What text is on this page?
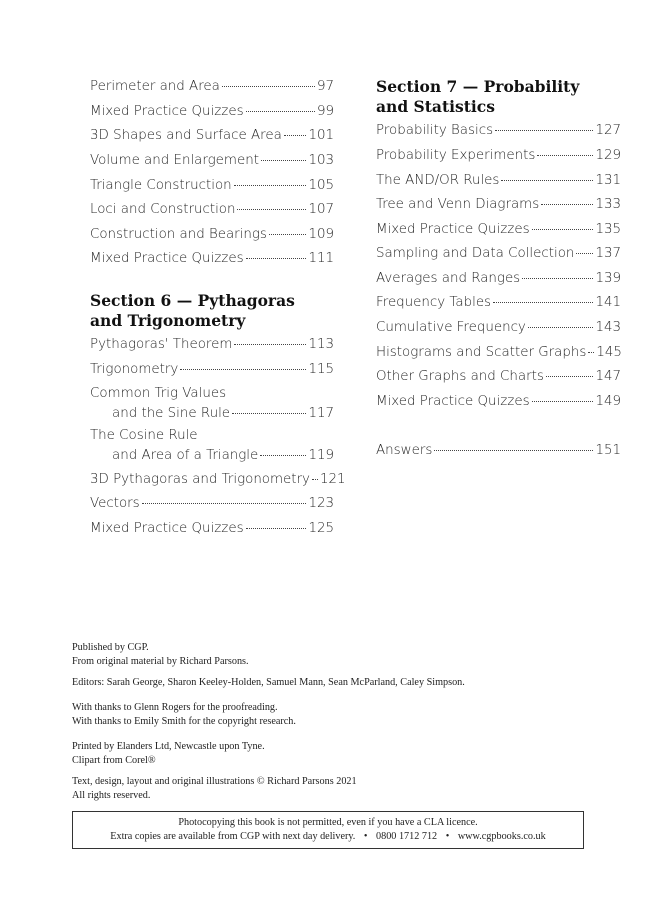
Perimeter and Area	97
Mixed Practice Quizzes	99
3D Shapes and Surface Area 101
Volume and Enlargement	103
Triangle Construction	105
Loci and Construction	107
Construction and Bearings	109
Mixed Practice Quizzes	111
Section 6 — Pythagoras
and Trigonometry
Pythagoras' Theorem	113
Trigonometry	115
Common Trig Values
and the Sine Rule	117
The Cosine Rule
and Area of a Triangle	119
3D Pythagoras and Trigonometry 121
Vectors	123
Mixed Practice Quizzes	125
Section 7 — Probability
and Statistics
Probability Basics	127
Probability Experiments	129
The AND/OR Rules	131
Tree and Venn Diagrams	133
Mixed Practice Quizzes	135
Sampling and Data Collection 137
Averages and Ranges	139
Frequency Tables	141
Cumulative Frequency	143
Histograms and Scatter Graphs 145
Other Graphs and Charts	147
Mixed Practice Quizzes	149
Answers	151

Published by CGP.

From original material by Richard Parsons.

Editors: Sarah George, Sharon Keeley-Holden, Samuel Mann, Sean McParland, Caley Simpson.

With thanks to Glenn Rogers for the proofreading.

With thanks to Emily Smith for the copyright research.

Printed by Elanders Ltd, Newcastle upon Tyne.

Clipart from Corel®

Text, design, layout and original illustrations © Richard Parsons 2021

All rights reserved.

Photocopying this book is not permitted, even if you have a CLA licence.
Extra copies are available from CGP with next day delivery. • 0800 1712 712 • www.cgpbooks.co.uk
